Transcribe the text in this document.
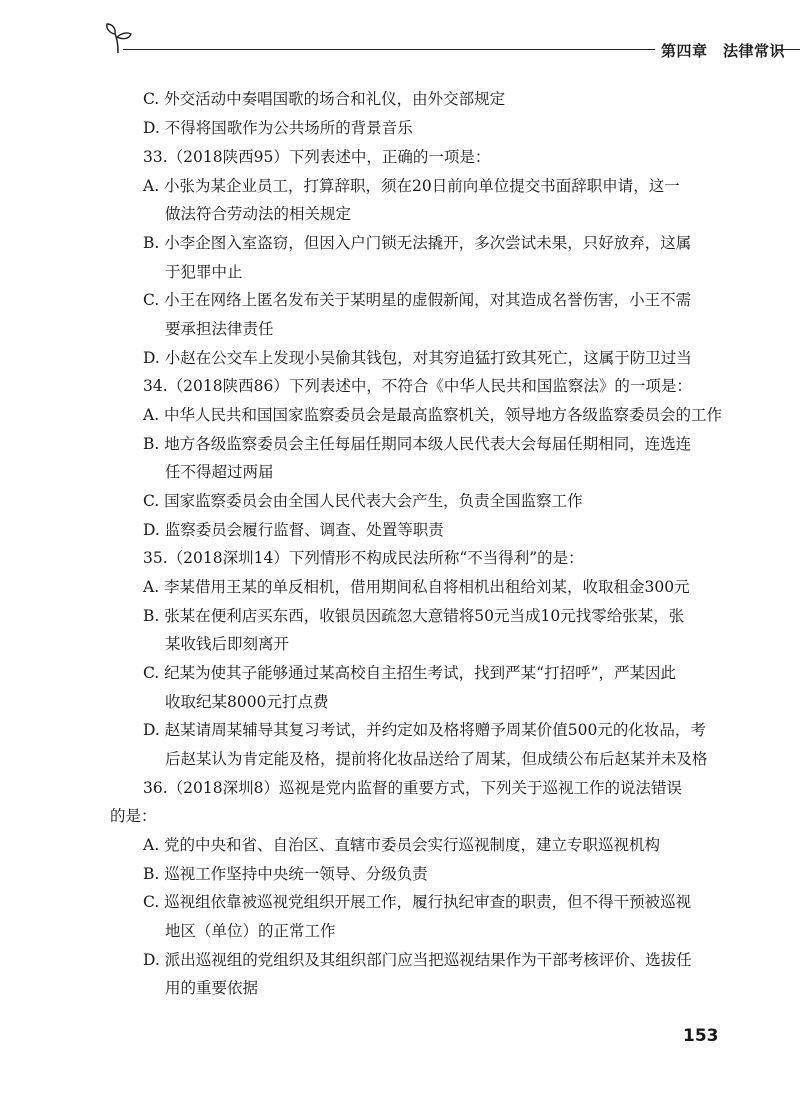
第四章　法律常识
C. 外交活动中奏唱国歌的场合和礼仪，由外交部规定
D. 不得将国歌作为公共场所的背景音乐
33.（2018陕西95）下列表述中，正确的一项是：
A. 小张为某企业员工，打算辞职，须在20日前向单位提交书面辞职申请，这一
做法符合劳动法的相关规定
B. 小李企图入室盗窃，但因入户门锁无法撬开，多次尝试未果，只好放弃，这属
于犯罪中止
C. 小王在网络上匿名发布关于某明星的虚假新闻，对其造成名誉伤害，小王不需
要承担法律责任
D. 小赵在公交车上发现小吴偷其钱包，对其穷追猛打致其死亡，这属于防卫过当
34.（2018陕西86）下列表述中，不符合《中华人民共和国监察法》的一项是：
A. 中华人民共和国国家监察委员会是最高监察机关，领导地方各级监察委员会的工作
B. 地方各级监察委员会主任每届任期同本级人民代表大会每届任期相同，连选连
任不得超过两届
C. 国家监察委员会由全国人民代表大会产生，负责全国监察工作
D. 监察委员会履行监督、调查、处置等职责
35.（2018深圳14）下列情形不构成民法所称“不当得利”的是：
A. 李某借用王某的单反相机，借用期间私自将相机出租给刘某，收取租金300元
B. 张某在便利店买东西，收银员因疏忽大意错将50元当成10元找零给张某，张
某收钱后即刻离开
C. 纪某为使其子能够通过某高校自主招生考试，找到严某“打招呼”，严某因此
收取纪某8000元打点费
D. 赵某请周某辅导其复习考试，并约定如及格将赠予周某价值500元的化妆品，考
后赵某认为肯定能及格，提前将化妆品送给了周某，但成绩公布后赵某并未及格
36.（2018深圳8）巡视是党内监督的重要方式，下列关于巡视工作的说法错误
的是：
A. 党的中央和省、自治区、直辖市委员会实行巡视制度，建立专职巡视机构
B. 巡视工作坚持中央统一领导、分级负责
C. 巡视组依靠被巡视党组织开展工作，履行执纪审查的职责，但不得干预被巡视
地区（单位）的正常工作
D. 派出巡视组的党组织及其组织部门应当把巡视结果作为干部考核评价、选拔任
用的重要依据
153
